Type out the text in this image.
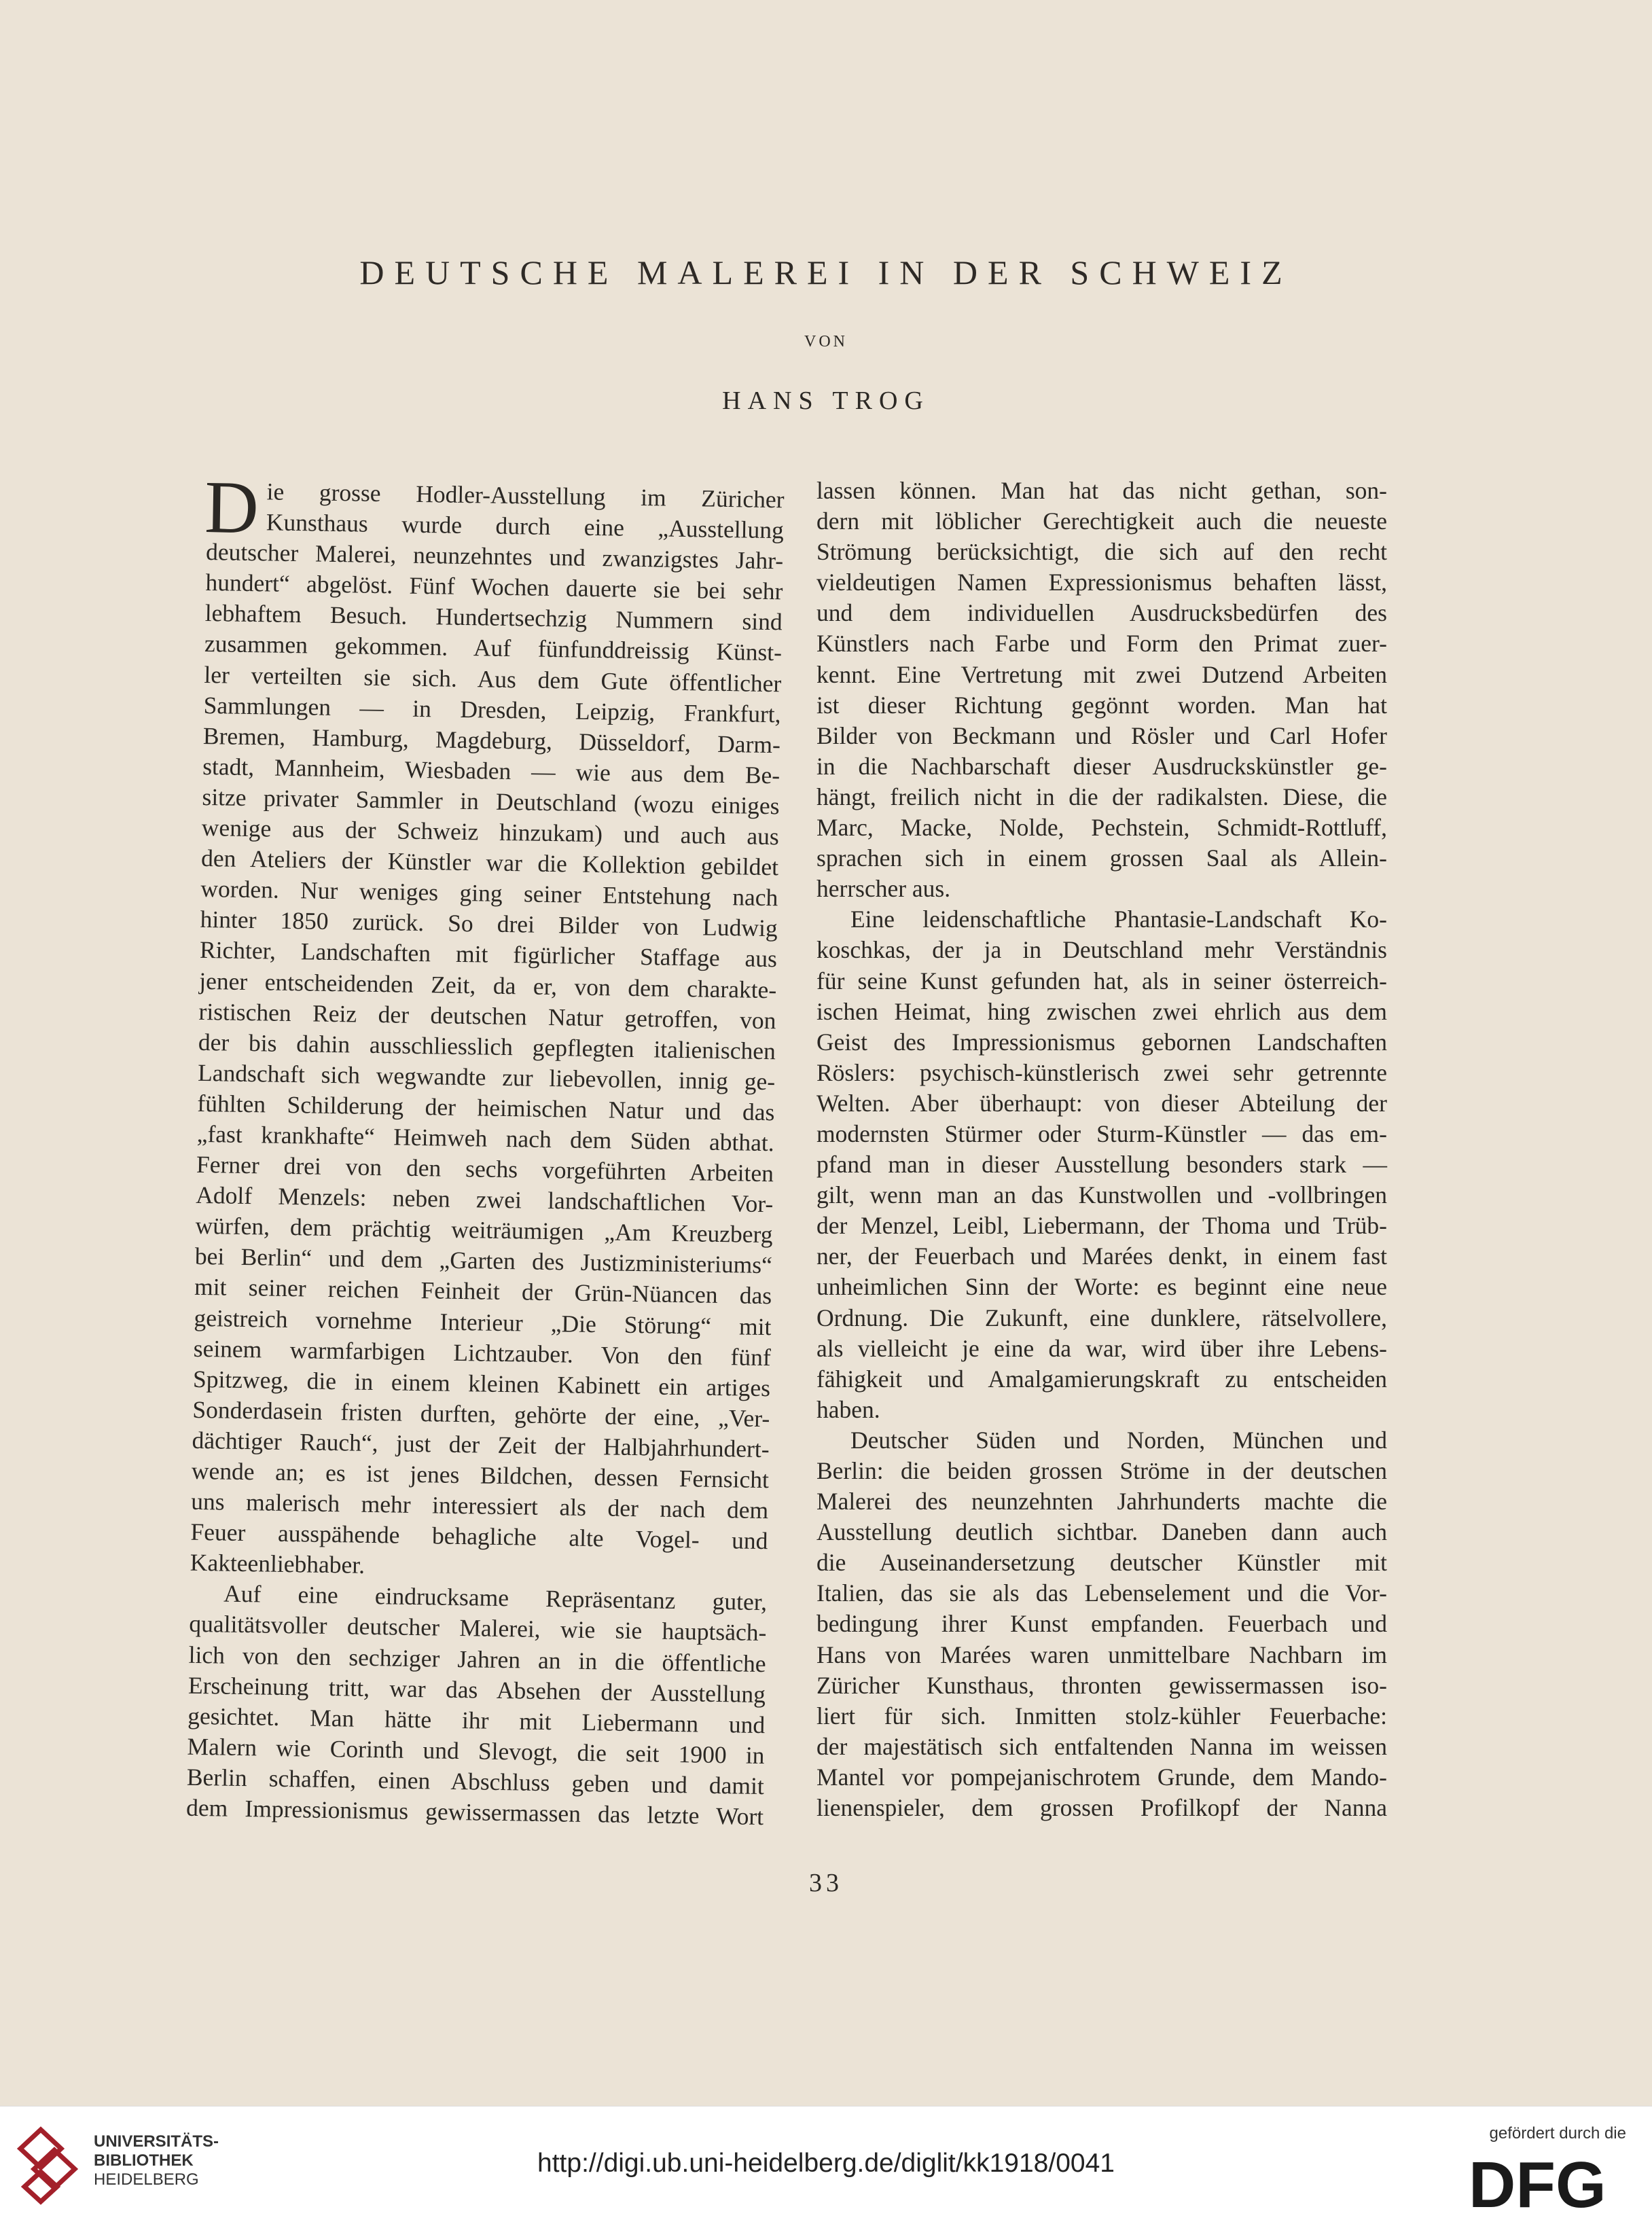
DEUTSCHE MALEREI IN DER SCHWEIZ
VON
HANS TROG
D ie grosse Hodler-Ausstellung im Züricher
Kunsthaus wurde durch eine „Ausstellung
deutscher Malerei, neunzehntes und zwanzigstes Jahr-
hundert“ abgelöst. Fünf Wochen dauerte sie bei sehr
lebhaftem Besuch. Hundertsechzig Nummern sind
zusammen gekommen. Auf fünfunddreissig Künst-
ler verteilten sie sich. Aus dem Gute öffentlicher
Sammlungen — in Dresden, Leipzig, Frankfurt,
Bremen, Hamburg, Magdeburg, Düsseldorf, Darm-
stadt, Mannheim, Wiesbaden — wie aus dem Be-
sitze privater Sammler in Deutschland (wozu einiges
wenige aus der Schweiz hinzukam) und auch aus
den Ateliers der Künstler war die Kollektion gebildet
worden. Nur weniges ging seiner Entstehung nach
hinter 1850 zurück. So drei Bilder von Ludwig
Richter, Landschaften mit figürlicher Staffage aus
jener entscheidenden Zeit, da er, von dem charakte-
ristischen Reiz der deutschen Natur getroffen, von
der bis dahin ausschliesslich gepflegten italienischen
Landschaft sich wegwandte zur liebevollen, innig ge-
fühlten Schilderung der heimischen Natur und das
„fast krankhafte“ Heimweh nach dem Süden abthat.
Ferner drei von den sechs vorgeführten Arbeiten
Adolf Menzels: neben zwei landschaftlichen Vor-
würfen, dem prächtig weiträumigen „Am Kreuzberg
bei Berlin“ und dem „Garten des Justizministeriums“
mit seiner reichen Feinheit der Grün-Nüancen das
geistreich vornehme Interieur „Die Störung“ mit
seinem warmfarbigen Lichtzauber. Von den fünf
Spitzweg, die in einem kleinen Kabinett ein artiges
Sonderdasein fristen durften, gehörte der eine, „Ver-
dächtiger Rauch“, just der Zeit der Halbjahrhundert-
wende an; es ist jenes Bildchen, dessen Fernsicht
uns malerisch mehr interessiert als der nach dem
Feuer ausspähende behagliche alte Vogel- und
Kakteenliebhaber.
Auf eine eindrucksame Repräsentanz guter,
qualitätsvoller deutscher Malerei, wie sie hauptsäch-
lich von den sechziger Jahren an in die öffentliche
Erscheinung tritt, war das Absehen der Ausstellung
gesichtet. Man hätte ihr mit Liebermann und
Malern wie Corinth und Slevogt, die seit 1900 in
Berlin schaffen, einen Abschluss geben und damit
dem Impressionismus gewissermassen das letzte Wort
lassen können. Man hat das nicht gethan, son-
dern mit löblicher Gerechtigkeit auch die neueste
Strömung berücksichtigt, die sich auf den recht
vieldeutigen Namen Expressionismus behaften lässt,
und dem individuellen Ausdrucksbedürfen des
Künstlers nach Farbe und Form den Primat zuer-
kennt. Eine Vertretung mit zwei Dutzend Arbeiten
ist dieser Richtung gegönnt worden. Man hat
Bilder von Beckmann und Rösler und Carl Hofer
in die Nachbarschaft dieser Ausdruckskünstler ge-
hängt, freilich nicht in die der radikalsten. Diese, die
Marc, Macke, Nolde, Pechstein, Schmidt-Rottluff,
sprachen sich in einem grossen Saal als Allein-
herrscher aus.
Eine leidenschaftliche Phantasie-Landschaft Ko-
koschkas, der ja in Deutschland mehr Verständnis
für seine Kunst gefunden hat, als in seiner österreich-
ischen Heimat, hing zwischen zwei ehrlich aus dem
Geist des Impressionismus gebornen Landschaften
Röslers: psychisch-künstlerisch zwei sehr getrennte
Welten. Aber überhaupt: von dieser Abteilung der
modernsten Stürmer oder Sturm-Künstler — das em-
pfand man in dieser Ausstellung besonders stark —
gilt, wenn man an das Kunstwollen und -vollbringen
der Menzel, Leibl, Liebermann, der Thoma und Trüb-
ner, der Feuerbach und Marées denkt, in einem fast
unheimlichen Sinn der Worte: es beginnt eine neue
Ordnung. Die Zukunft, eine dunklere, rätselvollere,
als vielleicht je eine da war, wird über ihre Lebens-
fähigkeit und Amalgamierungskraft zu entscheiden
haben.
Deutscher Süden und Norden, München und
Berlin: die beiden grossen Ströme in der deutschen
Malerei des neunzehnten Jahrhunderts machte die
Ausstellung deutlich sichtbar. Daneben dann auch
die Auseinandersetzung deutscher Künstler mit
Italien, das sie als das Lebenselement und die Vor-
bedingung ihrer Kunst empfanden. Feuerbach und
Hans von Marées waren unmittelbare Nachbarn im
Züricher Kunsthaus, thronten gewissermassen iso-
liert für sich. Inmitten stolz-kühler Feuerbache:
der majestätisch sich entfaltenden Nanna im weissen
Mantel vor pompejanischrotem Grunde, dem Mando-
lienenspieler, dem grossen Profilkopf der Nanna
33
UNIVERSITÄTS-
BIBLIOTHEK
HEIDELBERG
http://digi.ub.uni-heidelberg.de/diglit/kk1918/0041
gefördert durch die
DFG
